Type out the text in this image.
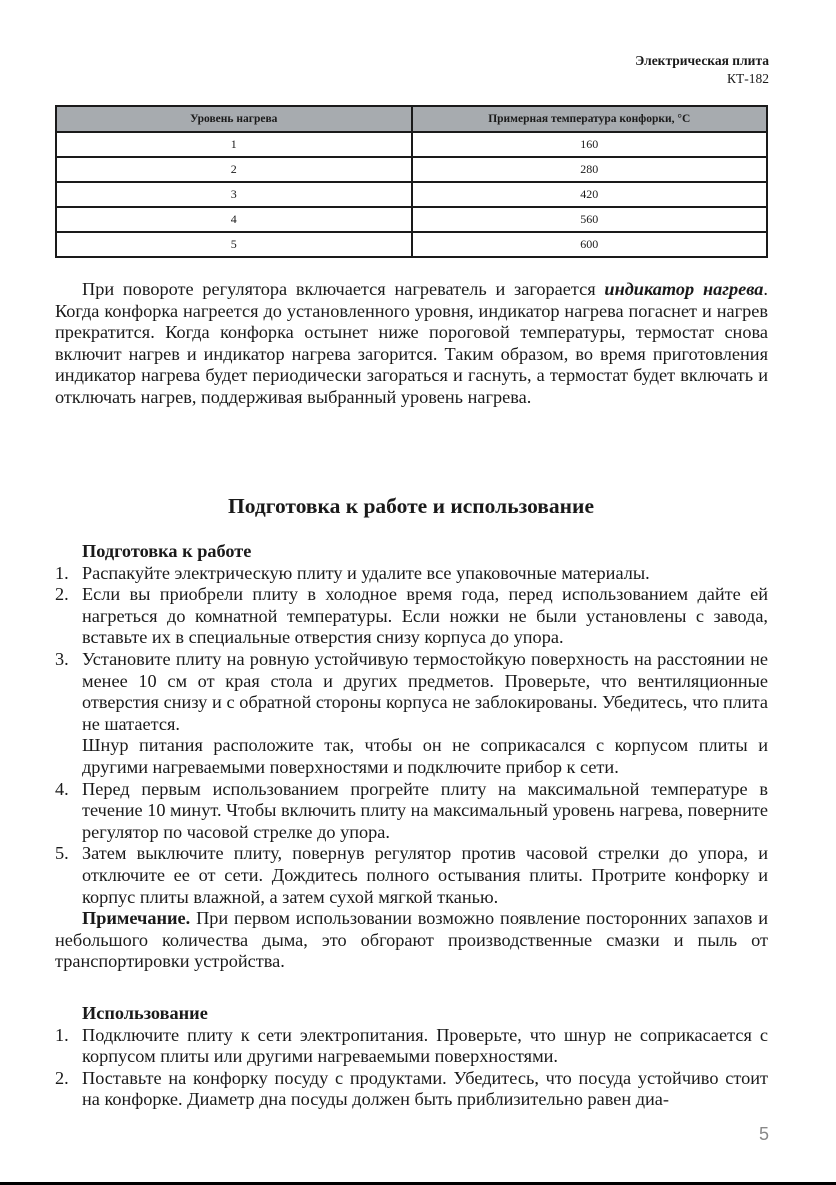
Электрическая плита
КТ-182
Уровень нагрева	Примерная температура конфорки, °C
1	160
2	280
3	420
4	560
5	600

При повороте регулятора включается нагреватель и загорается индикатор нагрева. Когда конфорка нагреется до установленного уровня, индикатор нагрева погаснет и нагрев прекратится. Когда конфорка остынет ниже пороговой температуры, термостат снова включит нагрев и индикатор нагрева загорится. Таким образом, во время приготовления индикатор нагрева будет периодически загораться и гаснуть, а термостат будет включать и отключать нагрев, поддерживая выбранный уровень нагрева.

Подготовка к работе и использование

Подготовка к работе

1. Распакуйте электрическую плиту и удалите все упаковочные материалы.
2. Если вы приобрели плиту в холодное время года, перед использованием дайте ей нагреться до комнатной температуры. Если ножки не были установлены с завода, вставьте их в специальные отверстия снизу корпуса до упора.
3. Установите плиту на ровную устойчивую термостойкую поверхность на расстоянии не менее 10 см от края стола и других предметов. Проверьте, что вентиляционные отверстия снизу и с обратной стороны корпуса не заблокированы. Убедитесь, что плита не шатается.

Шнур питания расположите так, чтобы он не соприкасался с корпусом плиты и другими нагреваемыми поверхностями и подключите прибор к сети.

4. Перед первым использованием прогрейте плиту на максимальной температуре в течение 10 минут. Чтобы включить плиту на максимальный уровень нагрева, поверните регулятор по часовой стрелке до упора.
5. Затем выключите плиту, повернув регулятор против часовой стрелки до упора, и отключите ее от сети. Дождитесь полного остывания плиты. Протрите конфорку и корпус плиты влажной, а затем сухой мягкой тканью.

Примечание. При первом использовании возможно появление посторонних запахов и небольшого количества дыма, это обгорают производственные смазки и пыль от транспортировки устройства.

Использование

1. Подключите плиту к сети электропитания. Проверьте, что шнур не соприкасается с корпусом плиты или другими нагреваемыми поверхностями.
2. Поставьте на конфорку посуду с продуктами. Убедитесь, что посуда устойчиво стоит на конфорке. Диаметр дна посуды должен быть приблизительно равен диа-
5
